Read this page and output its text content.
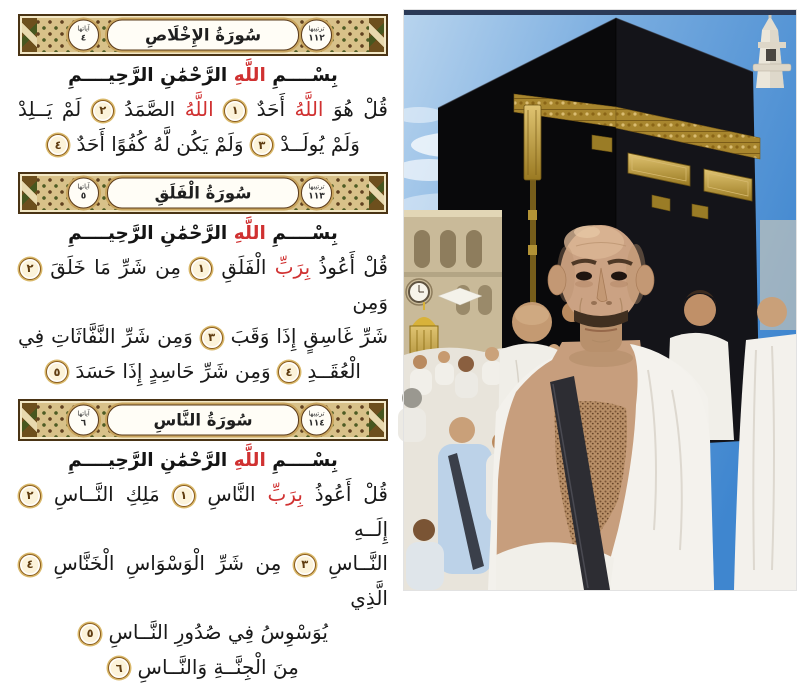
آياتها
٤	سُورَةُ الإِخْلَاصِ	ترتيبها
١١٢
بِسْــــمِ اللَّهِ الرَّحْمَٰنِ الرَّحِيــــمِ
قُلْ هُوَ اللَّهُ أَحَدٌ ١ اللَّهُ الصَّمَدُ ٢ لَمْ يَــلِدْ
وَلَمْ يُولَــدْ ٣ وَلَمْ يَكُن لَّهُ كُفُوًا أَحَدٌ ٤
آياتها
٥	سُورَةُ الْفَلَقِ	ترتيبها
١١٣
بِسْــــمِ اللَّهِ الرَّحْمَٰنِ الرَّحِيــــمِ
قُلْ أَعُوذُ بِرَبِّ الْفَلَقِ ١ مِن شَرِّ مَا خَلَقَ ٢ وَمِن
شَرِّ غَاسِقٍ إِذَا وَقَبَ ٣ وَمِن شَرِّ النَّفَّاثَاتِ فِي
الْعُقَــدِ ٤ وَمِن شَرِّ حَاسِدٍ إِذَا حَسَدَ ٥
آياتها
٦	سُورَةُ النَّاسِ	ترتيبها
١١٤
بِسْــــمِ اللَّهِ الرَّحْمَٰنِ الرَّحِيــــمِ
قُلْ أَعُوذُ بِرَبِّ النَّاسِ ١ مَلِكِ النَّــاسِ ٢ إِلَــهِ
النَّــاسِ ٣ مِن شَرِّ الْوَسْوَاسِ الْخَنَّاسِ ٤ الَّذِي
يُوَسْوِسُ فِي صُدُورِ النَّــاسِ ٥
مِنَ الْجِنَّــةِ وَالنَّــاسِ ٦
